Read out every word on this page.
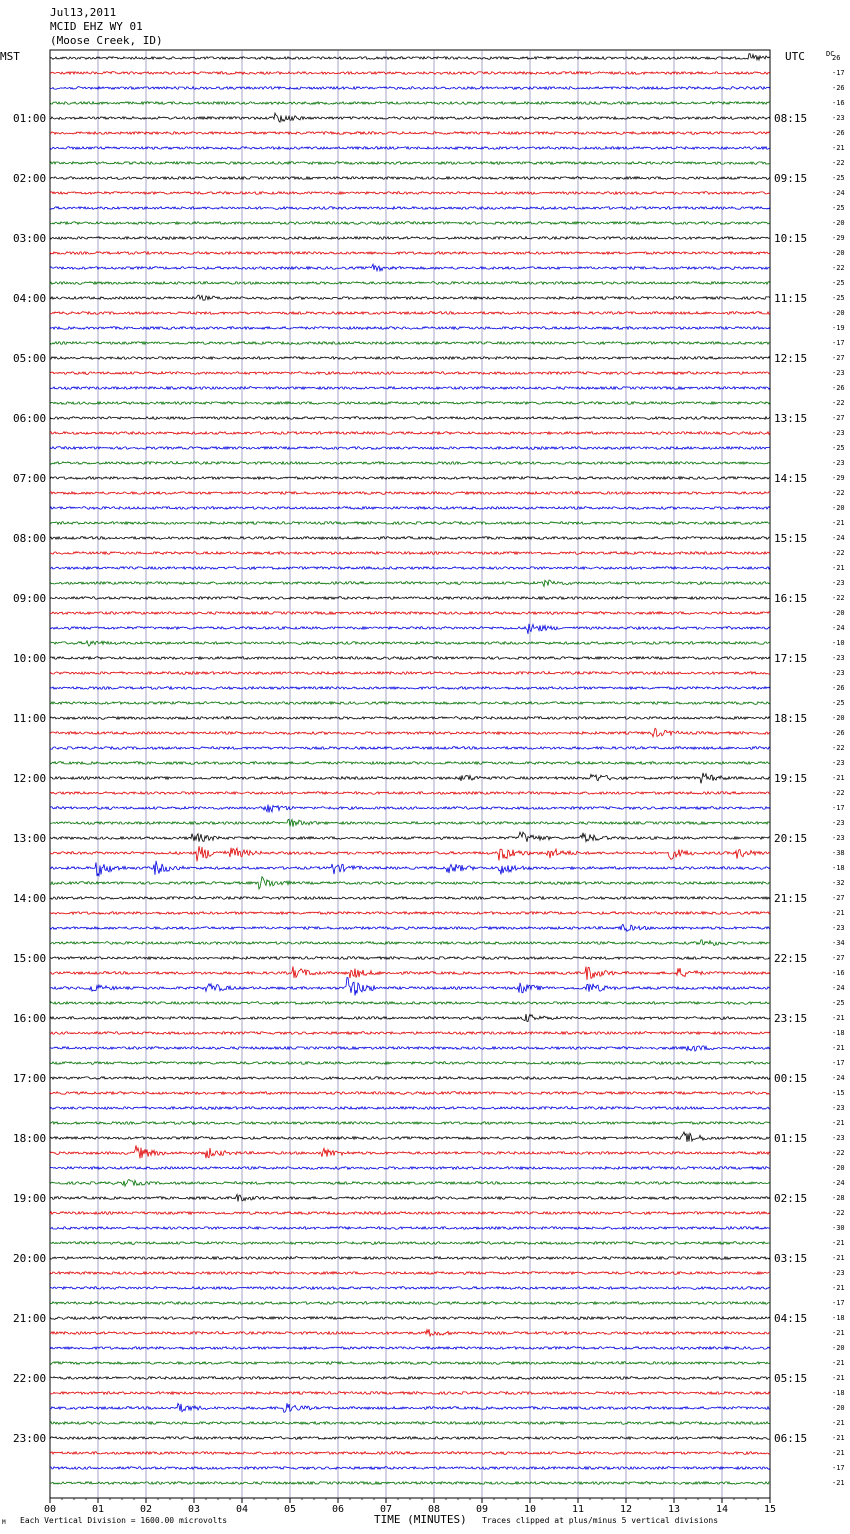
Jul13,2011
MCID EHZ WY 01
(Moose Creek, ID)
MST	UTC	DC
01:00
02:00
03:00
04:00
05:00
06:00
07:00
08:00
09:00
10:00
11:00
12:00
13:00
14:00
15:00
16:00
17:00
18:00
19:00
20:00
21:00
22:00
23:00
08:15
09:15
10:15
11:15
12:15
13:15
14:15
15:15
16:15
17:15
18:15
19:15
20:15
21:15
22:15
23:15
00:15
01:15
02:15
03:15
04:15
05:15
06:15
26
-17
-26
-16
-23
-26
-21
-22
-25
-24
-25
-20
-29
-20
-22
-25
-25
-20
-19
-17
-27
-23
-26
-22
-27
-23
-25
-23
-29
-22
-20
-21
-24
-22
-21
-23
-22
-20
-24
-10
-23
-23
-26
-25
-20
-26
-22
-23
-21
-22
-17
-23
-23
-38
-18
-32
-27
-21
-23
-34
-27
-16
-24
-25
-21
-18
-21
-17
-24
-15
-23
-21
-23
-22
-20
-24
-28
-22
-30
-21
-21
-23
-21
-17
-18
-21
-20
-21
-21
-18
-20
-21
-21
-21
-17
-21
00	01	02	03	04	05	06	07	08	09	10	11	12	13	14	15
M Each Vertical Division = 1600.00 microvolts	TIME (MINUTES) Traces clipped at plus/minus 5 vertical divisions
